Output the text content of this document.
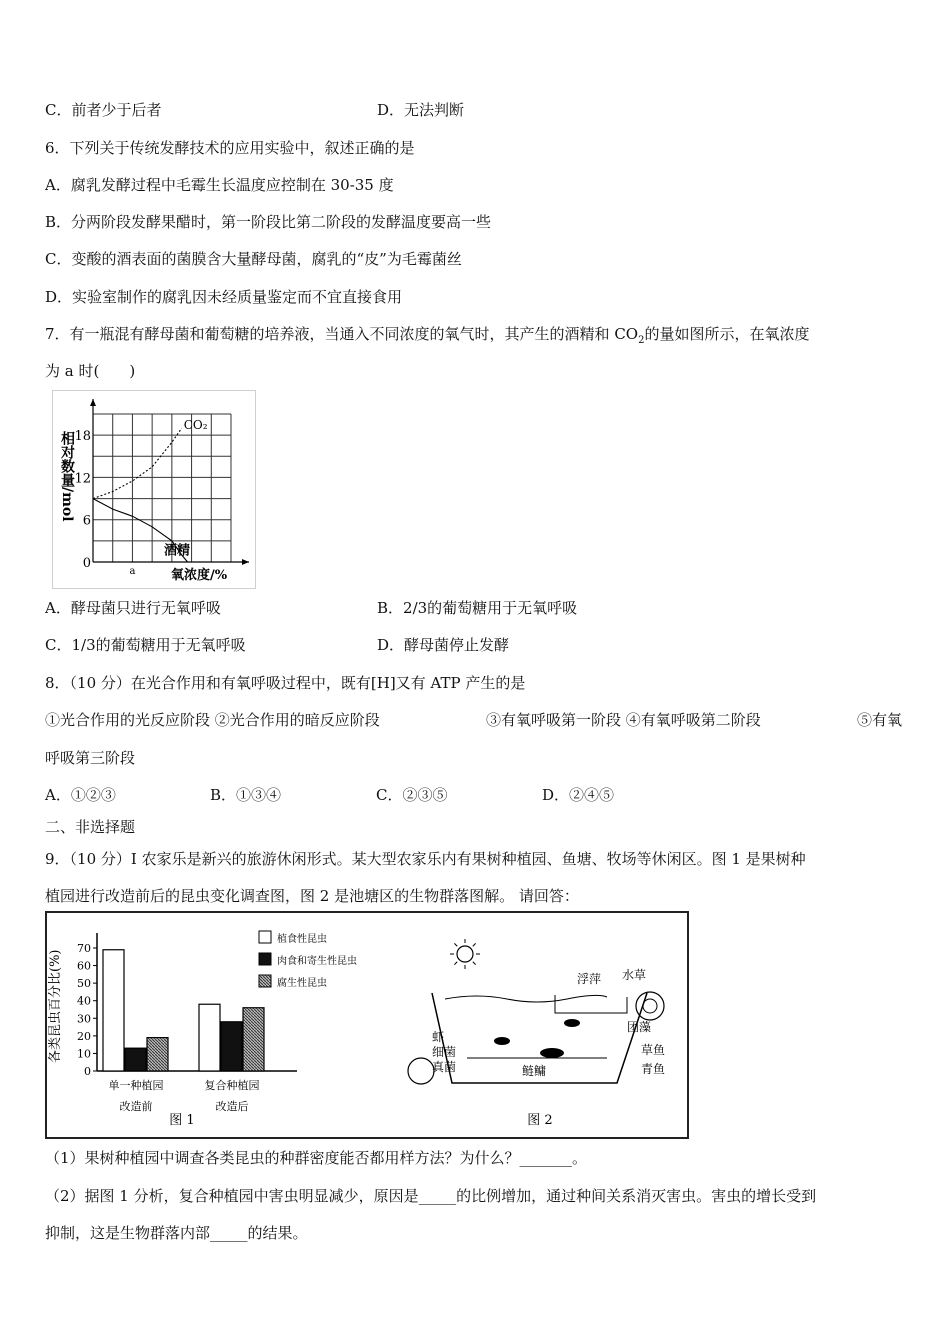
C．前者少于后者	D．无法判断
6．下列关于传统发酵技术的应用实验中，叙述正确的是
A．腐乳发酵过程中毛霉生长温度应控制在 30-35 度
B．分两阶段发酵果醋时，第一阶段比第二阶段的发酵温度要高一些
C．变酸的酒表面的菌膜含大量酵母菌，腐乳的“皮”为毛霉菌丝
D．实验室制作的腐乳因未经质量鉴定而不宜直接食用
7．有一瓶混有酵母菌和葡萄糖的培养液，当通入不同浓度的氧气时，其产生的酒精和 $CO_2$的量如图所示，在氧浓度
为 a 时(　　)
18
12
6
0
相对数量/mol
氧浓度/%
a
CO₂
酒精
A．酵母菌只进行无氧呼吸	B．2/3的葡萄糖用于无氧呼吸
C．1/3的葡萄糖用于无氧呼吸	D．酵母菌停止发酵
8．（10 分）在光合作用和有氧呼吸过程中，既有[H]又有 ATP 产生的是
①光合作用的光反应阶段 ②光合作用的暗反应阶段	③有氧呼吸第一阶段 ④有氧呼吸第二阶段	⑤有氧
呼吸第三阶段
A．①②③	B．①③④	C．②③⑤	D．②④⑤
二、非选择题
9．（10 分）Ⅰ 农家乐是新兴的旅游休闲形式。某大型农家乐内有果树种植园、鱼塘、牧场等休闲区。图 1 是果树种
植园进行改造前后的昆虫变化调查图，图 2 是池塘区的生物群落图解。 请回答：
70
60
50
40
30
20
10
0
各类昆虫百分比(%)
单一种植园
改造前
复合种植园
改造后
植食性昆虫
肉食和寄生性昆虫
腐生性昆虫
图 1
浮萍 水草
团藻
草鱼
青鱼
鲢鳙
虾
细菌
真菌
图 2
（1）果树种植园中调查各类昆虫的种群密度能否都用样方法？为什么？_______。
（2）据图 1 分析，复合种植园中害虫明显减少，原因是_____的比例增加，通过种间关系消灭害虫。害虫的增长受到
抑制，这是生物群落内部_____的结果。
